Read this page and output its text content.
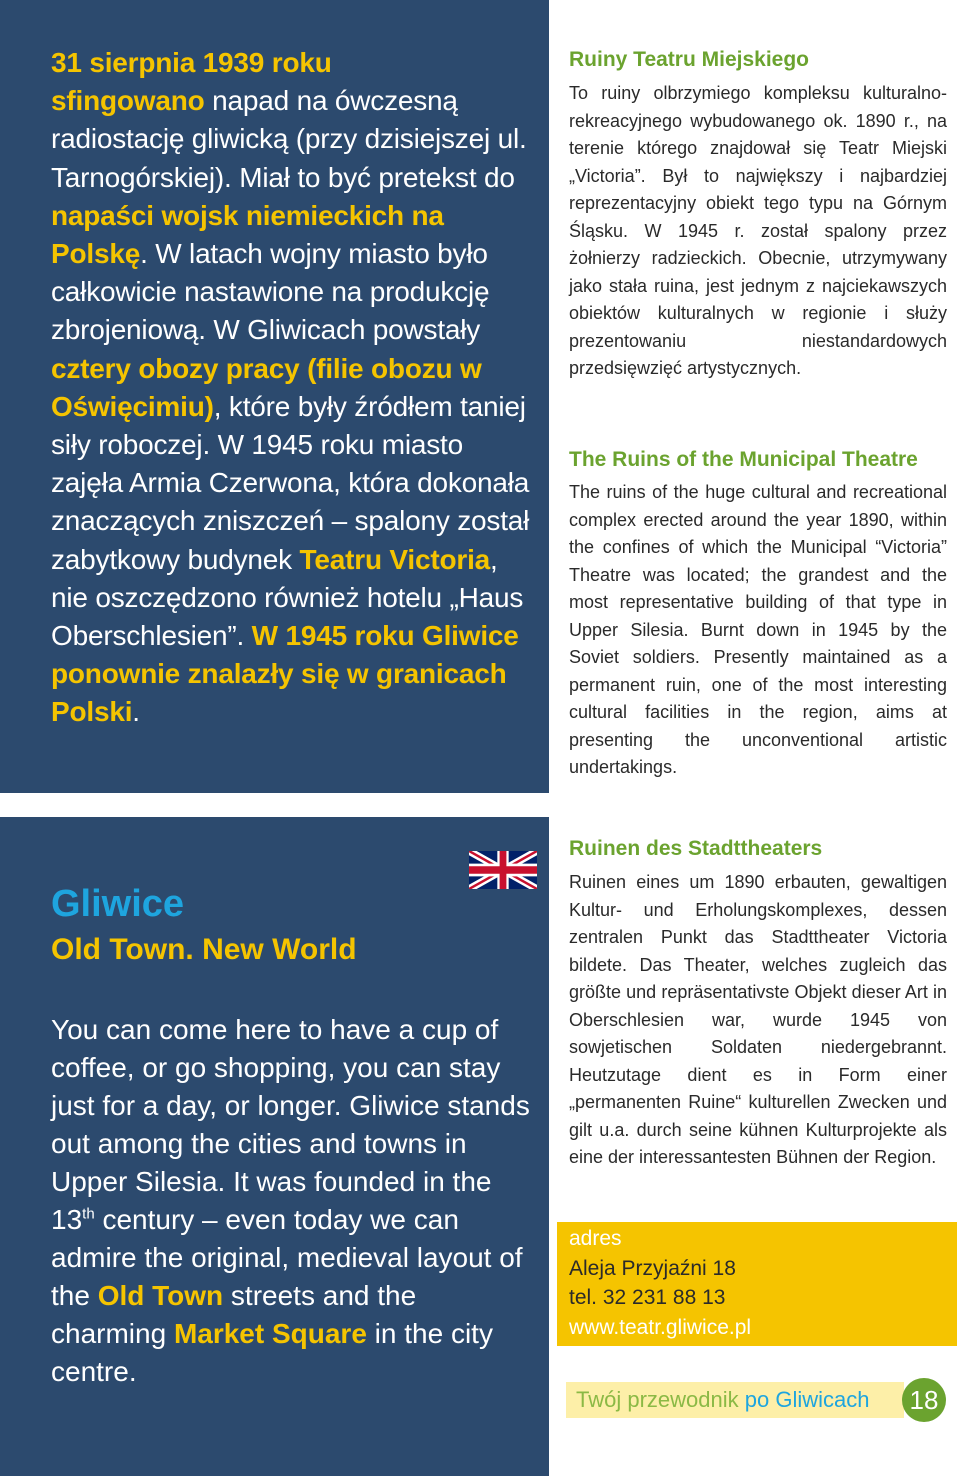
31 sierpnia 1939 roku
sfingowano napad na ówczesną radiostację gliwicką (przy dzisiejszej ul. Tarnogórskiej). Miał to być pretekst do napaści wojsk niemieckich na Polskę. W latach wojny miasto było całkowicie nastawione na produkcję zbrojeniową. W Gliwicach powstały cztery obozy pracy (filie obozu w Oświęcimiu), które były źródłem taniej siły roboczej. W 1945 roku miasto zajęła Armia Czerwona, która dokonała znaczących zniszczeń – spalony został zabytkowy budynek Teatru Victoria, nie oszczędzono również hotelu „Haus Oberschlesien”. W 1945 roku Gliwice ponownie znalazły się w granicach Polski.
Gliwice
Old Town. New World
You can come here to have a cup of coffee, or go shopping, you can stay just for a day, or longer. Gliwice stands out among the cities and towns in Upper Silesia. It was founded in the 13th century – even today we can admire the original, medieval layout of the Old Town streets and the charming Market Square in the city centre.
Ruiny Teatru Miejskiego
To ruiny olbrzymiego kompleksu kulturalno-rekreacyjnego wybudowanego ok. 1890 r., na terenie którego znajdował się Teatr Miejski „Victoria”. Był to największy i najbardziej reprezentacyjny obiekt tego typu na Górnym Śląsku. W 1945 r. został spalony przez żołnierzy radzieckich. Obecnie, utrzymywany jako stała ruina, jest jednym z najciekawszych obiektów kulturalnych w regionie i służy prezentowaniu niestandardowych przedsięwzięć artystycznych.
The Ruins of the Municipal Theatre
The ruins of the huge cultural and recreational complex erected around the year 1890, within the confines of which the Municipal “Victoria” Theatre was located; the grandest and the most representative building of that type in Upper Silesia. Burnt down in 1945 by the Soviet soldiers. Presently maintained as a permanent ruin, one of the most interesting cultural facilities in the region, aims at presenting the unconventional artistic undertakings.
Ruinen des Stadttheaters
Ruinen eines um 1890 erbauten, gewaltigen Kultur- und Erholungskomplexes, dessen zentralen Punkt das Stadttheater Victoria bildete. Das Theater, welches zugleich das größte und repräsentativste Objekt dieser Art in Oberschlesien war, wurde 1945 von sowjetischen Soldaten niedergebrannt. Heutzutage dient es in Form einer „permanenten Ruine“ kulturellen Zwecken und gilt u.a. durch seine kühnen Kulturprojekte als eine der interessantesten Bühnen der Region.
adres
Aleja Przyjaźni 18
tel. 32 231 88 13
www.teatr.gliwice.pl
Twój przewodnik po Gliwicach 18
